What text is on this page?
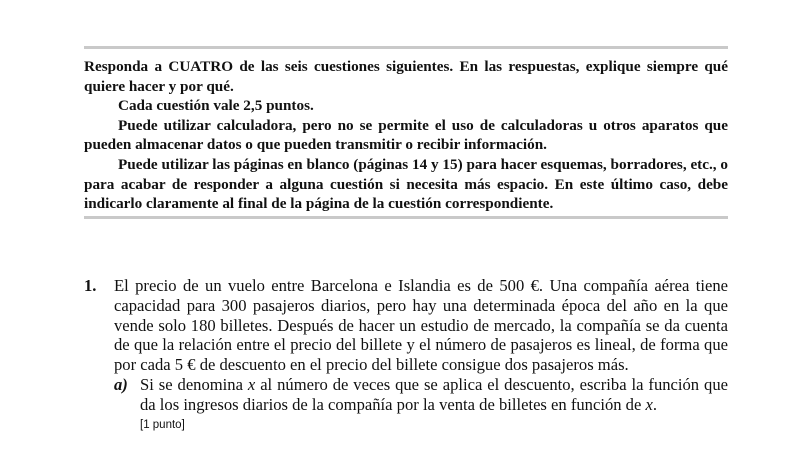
Responda a CUATRO de las seis cuestiones siguientes. En las respuestas, explique siempre qué quiere hacer y por qué.

Cada cuestión vale 2,5 puntos.

Puede utilizar calculadora, pero no se permite el uso de calculadoras u otros aparatos que pueden almacenar datos o que pueden transmitir o recibir información.

Puede utilizar las páginas en blanco (páginas 14 y 15) para hacer esquemas, borradores, etc., o para acabar de responder a alguna cuestión si necesita más espacio. En este último caso, debe indicarlo claramente al final de la página de la cuestión correspondiente.

1. El precio de un vuelo entre Barcelona e Islandia es de 500 €. Una compañía aérea tiene capacidad para 300 pasajeros diarios, pero hay una determinada época del año en la que vende solo 180 billetes. Después de hacer un estudio de mercado, la compañía se da cuenta de que la relación entre el precio del billete y el número de pasajeros es lineal, de forma que por cada 5 € de descuento en el precio del billete consigue dos pasajeros más.

a) Si se denomina x al número de veces que se aplica el descuento, escriba la función que da los ingresos diarios de la compañía por la venta de billetes en función de x.
[1 punto]
